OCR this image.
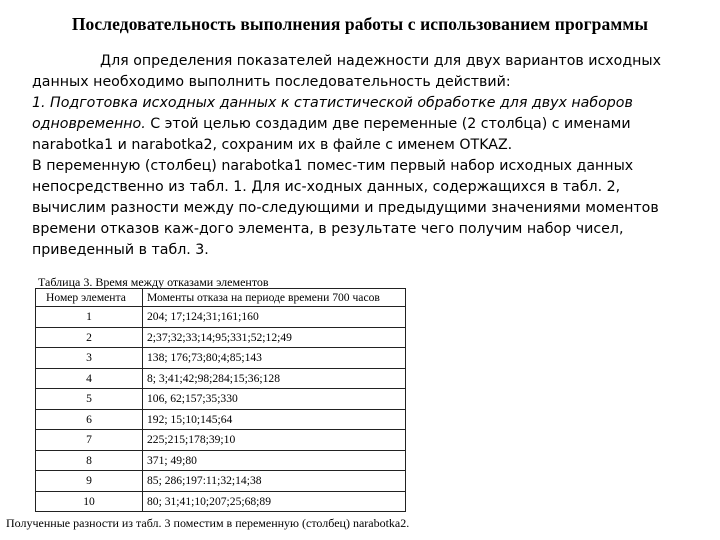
Последовательность выполнения работы с использованием программы

Для определения показателей надежности для двух вариантов исходных данных необходимо выполнить последовательность действий:

1. Подготовка исходных данных к статистической обработке для двух наборов одновременно. С этой целью создадим две переменные (2 столбца) с именами narabotka1 и narabotka2, сохраним их в файле с именем OTKAZ.

В переменную (столбец) narabotka1 помес-тим первый набор исходных данных непосредственно из табл. 1. Для ис-ходных данных, содержащихся в табл. 2, вычислим разности между по-следующими и предыдущими значениями моментов времени отказов каж-дого элемента, в результате чего получим набор чисел, приведенный в табл. 3.

Таблица 3. Время между отказами элементов
Номер элемента	Моменты отказа на периоде времени 700 часов
1	204; 17;124;31;161;160
2	2;37;32;33;14;95;331;52;12;49
3	138; 176;73;80;4;85;143
4	8; 3;41;42;98;284;15;36;128
5	106, 62;157;35;330
6	192; 15;10;145;64
7	225;215;178;39;10
8	371; 49;80
9	85; 286;197:11;32;14;38
10	80; 31;41;10;207;25;68;89
Полученные разности из табл. 3 поместим в переменную (столбец) narabotka2.
